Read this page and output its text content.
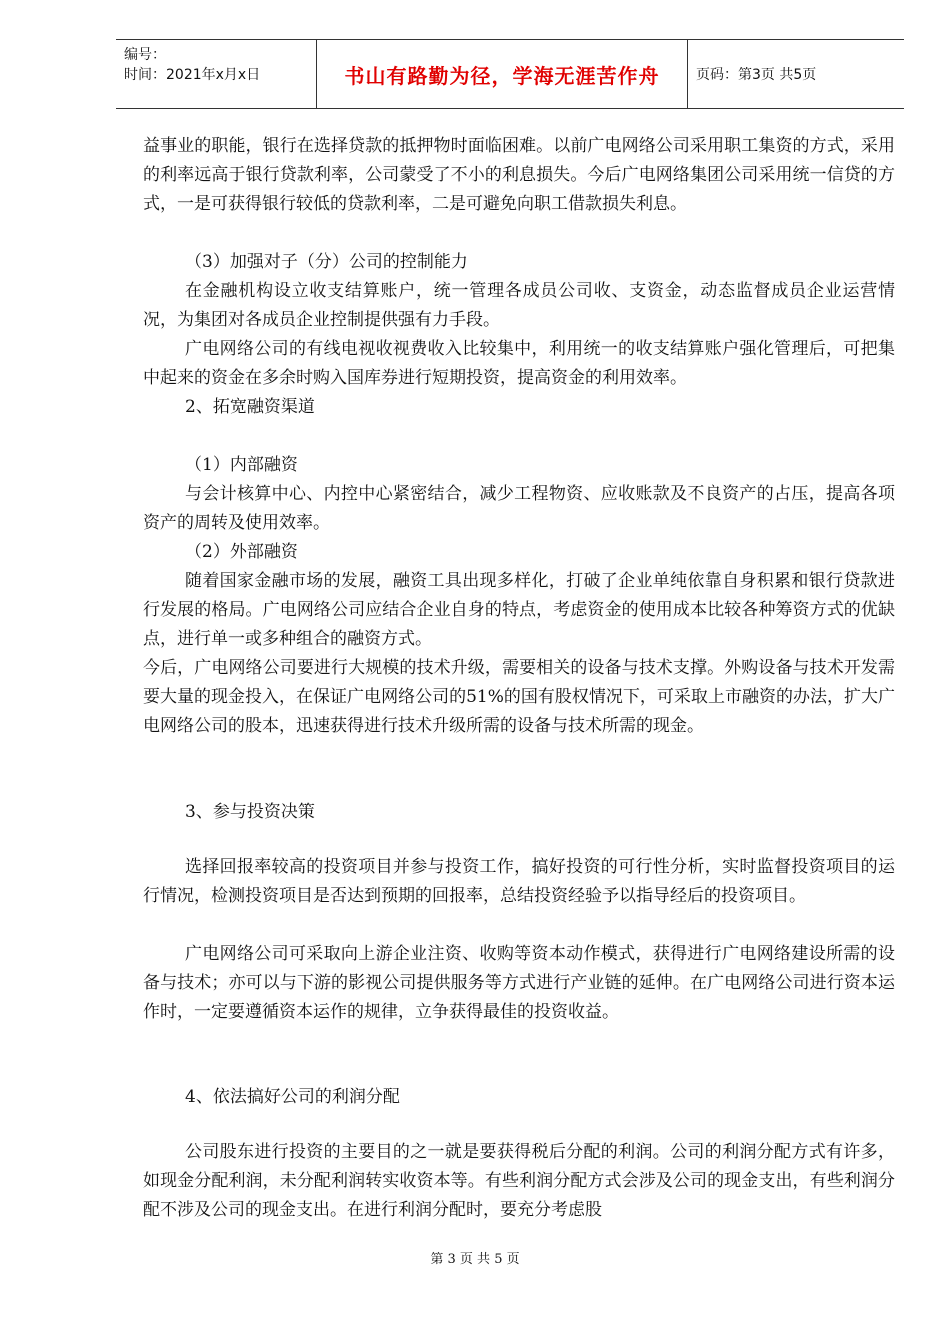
编号：
时间：2021年x月x日	书山有路勤为径，学海无涯苦作舟	页码：第3页 共5页

益事业的职能，银行在选择贷款的抵押物时面临困难。以前广电网络公司采用职工集资的方式，采用的利率远高于银行贷款利率，公司蒙受了不小的利息损失。今后广电网络集团公司采用统一信贷的方式，一是可获得银行较低的贷款利率，二是可避免向职工借款损失利息。

（3）加强对子（分）公司的控制能力

在金融机构设立收支结算账户，统一管理各成员公司收、支资金，动态监督成员企业运营情况，为集团对各成员企业控制提供强有力手段。

广电网络公司的有线电视收视费收入比较集中，利用统一的收支结算账户强化管理后，可把集中起来的资金在多余时购入国库券进行短期投资，提高资金的利用效率。

2、拓宽融资渠道

（1）内部融资

与会计核算中心、内控中心紧密结合，减少工程物资、应收账款及不良资产的占压，提高各项资产的周转及使用效率。

（2）外部融资

随着国家金融市场的发展，融资工具出现多样化，打破了企业单纯依靠自身积累和银行贷款进行发展的格局。广电网络公司应结合企业自身的特点，考虑资金的使用成本比较各种筹资方式的优缺点，进行单一或多种组合的融资方式。

今后，广电网络公司要进行大规模的技术升级，需要相关的设备与技术支撑。外购设备与技术开发需要大量的现金投入，在保证广电网络公司的51%的国有股权情况下，可采取上市融资的办法，扩大广电网络公司的股本，迅速获得进行技术升级所需的设备与技术所需的现金。

3、参与投资决策

选择回报率较高的投资项目并参与投资工作，搞好投资的可行性分析，实时监督投资项目的运行情况，检测投资项目是否达到预期的回报率，总结投资经验予以指导经后的投资项目。

广电网络公司可采取向上游企业注资、收购等资本动作模式，获得进行广电网络建设所需的设备与技术；亦可以与下游的影视公司提供服务等方式进行产业链的延伸。在广电网络公司进行资本运作时，一定要遵循资本运作的规律，立争获得最佳的投资收益。

4、依法搞好公司的利润分配

公司股东进行投资的主要目的之一就是要获得税后分配的利润。公司的利润分配方式有许多，如现金分配利润，未分配利润转实收资本等。有些利润分配方式会涉及公司的现金支出，有些利润分配不涉及公司的现金支出。在进行利润分配时，要充分考虑股

第 3 页 共 5 页
